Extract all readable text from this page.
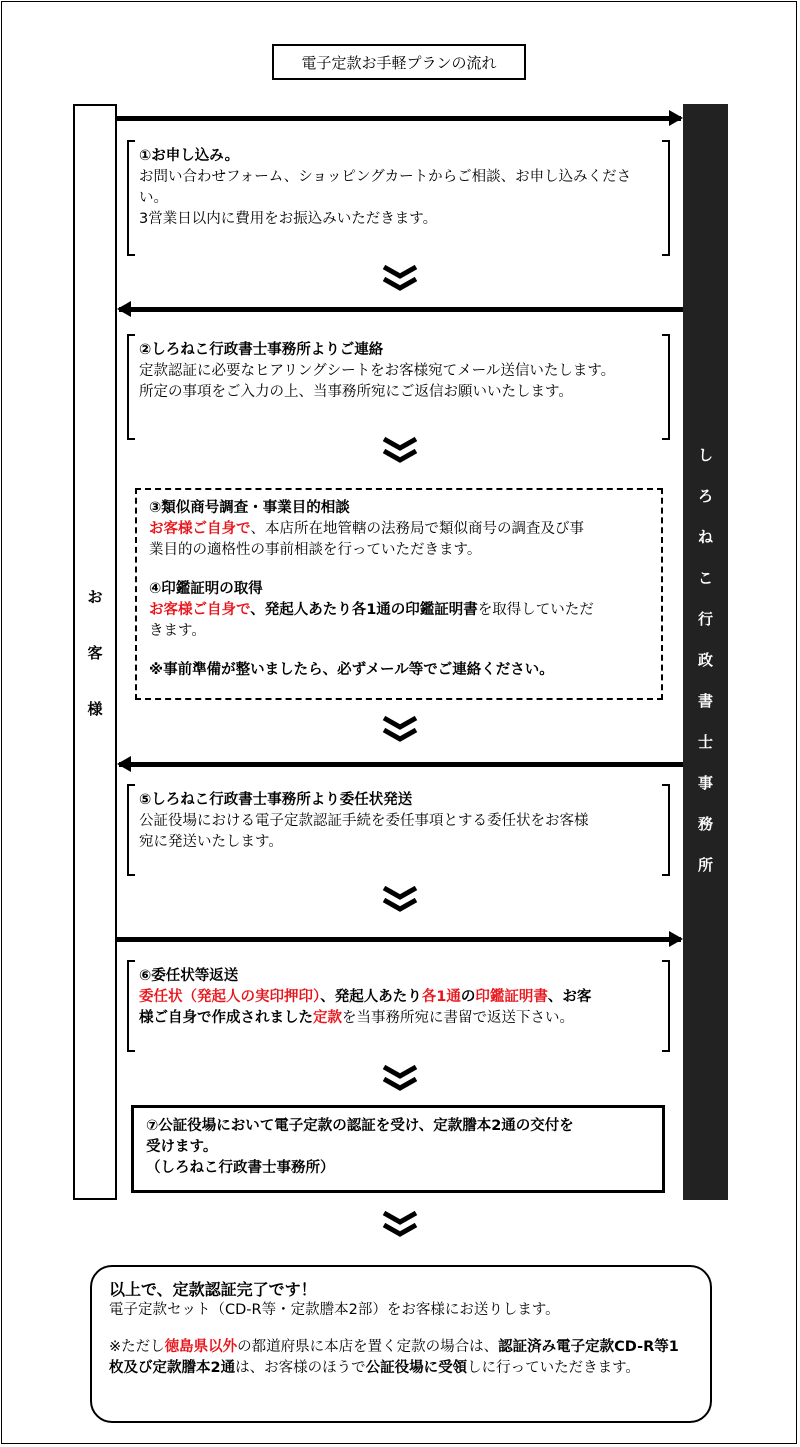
電子定款お手軽プランの流れ
お
客
様
し
ろ
ね
こ
行
政
書
士
事
務
所

①お申し込み。

お問い合わせフォーム、ショッピングカートからご相談、お申し込みくださ

い。

3営業日以内に費用をお振込みいただきます。

②しろねこ行政書士事務所よりご連絡

定款認証に必要なヒアリングシートをお客様宛てメール送信いたします。

所定の事項をご入力の上、当事務所宛にご返信お願いいたします。

③類似商号調査・事業目的相談

お客様ご自身で、本店所在地管轄の法務局で類似商号の調査及び事

業目的の適格性の事前相談を行っていただきます。

④印鑑証明の取得

お客様ご自身で、発起人あたり各1通の印鑑証明書を取得していただ

きます。

※事前準備が整いましたら、必ずメール等でご連絡ください。

⑤しろねこ行政書士事務所より委任状発送

公証役場における電子定款認証手続を委任事項とする委任状をお客様

宛に発送いたします。

⑥委任状等返送

委任状（発起人の実印押印）、発起人あたり各1通の印鑑証明書、お客

様ご自身で作成されました定款を当事務所宛に書留で返送下さい。

⑦公証役場において電子定款の認証を受け、定款謄本2通の交付を

受けます。

（しろねこ行政書士事務所）

以上で、定款認証完了です！

電子定款セット（CD-R等・定款謄本2部）をお客様にお送りします。

※ただし徳島県以外の都道府県に本店を置く定款の場合は、認証済み電子定款CD-R等1

枚及び定款謄本2通は、お客様のほうで公証役場に受領しに行っていただきます。
